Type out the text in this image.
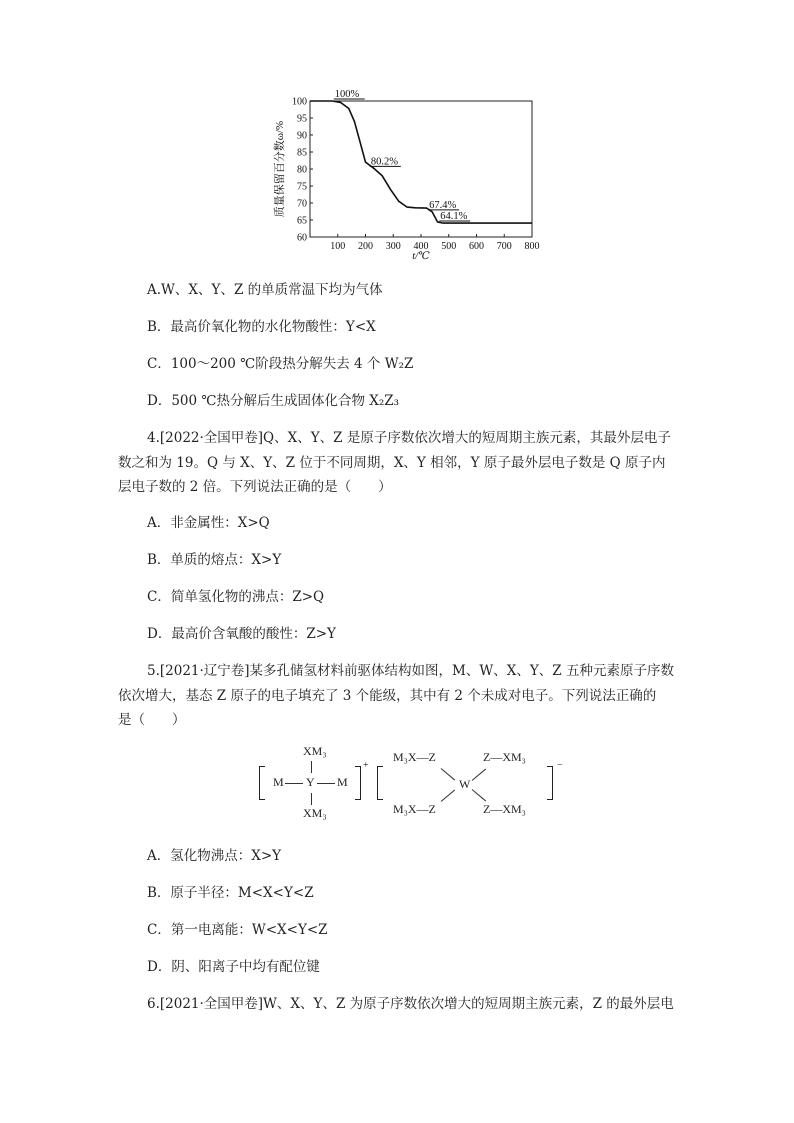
100 200 300 400 500 600 700 800
100
95
90
85
80
75
70
65
60
100%
80.2%
67.4%
64.1%
质量保留百分数ω/%
t/℃
A.W、X、Y、Z 的单质常温下均为气体
B．最高价氧化物的水化物酸性：Y<X
C．100～200 ℃阶段热分解失去 4 个 W₂Z
D．500 ℃热分解后生成固体化合物 X₂Z₃
4.[2022·全国甲卷]Q、X、Y、Z 是原子序数依次增大的短周期主族元素，其最外层电子
数之和为 19。Q 与 X、Y、Z 位于不同周期，X、Y 相邻，Y 原子最外层电子数是 Q 原子内
层电子数的 2 倍。下列说法正确的是（　　）
A．非金属性：X>Q
B．单质的熔点：X>Y
C．简单氢化物的沸点：Z>Q
D．最高价含氧酸的酸性：Z>Y
5.[2021·辽宁卷]某多孔储氢材料前驱体结构如图，M、W、X、Y、Z 五种元素原子序数
依次增大，基态 Z 原子的电子填充了 3 个能级，其中有 2 个未成对电子。下列说法正确的
是（　　）
XM₃
M Y M
XM₃
+
M₃X—Z
M₃X—Z
W
Z—XM₃
Z—XM₃
−
A．氢化物沸点：X>Y
B．原子半径：M<X<Y<Z
C．第一电离能：W<X<Y<Z
D．阴、阳离子中均有配位键
6.[2021·全国甲卷]W、X、Y、Z 为原子序数依次增大的短周期主族元素，Z 的最外层电
